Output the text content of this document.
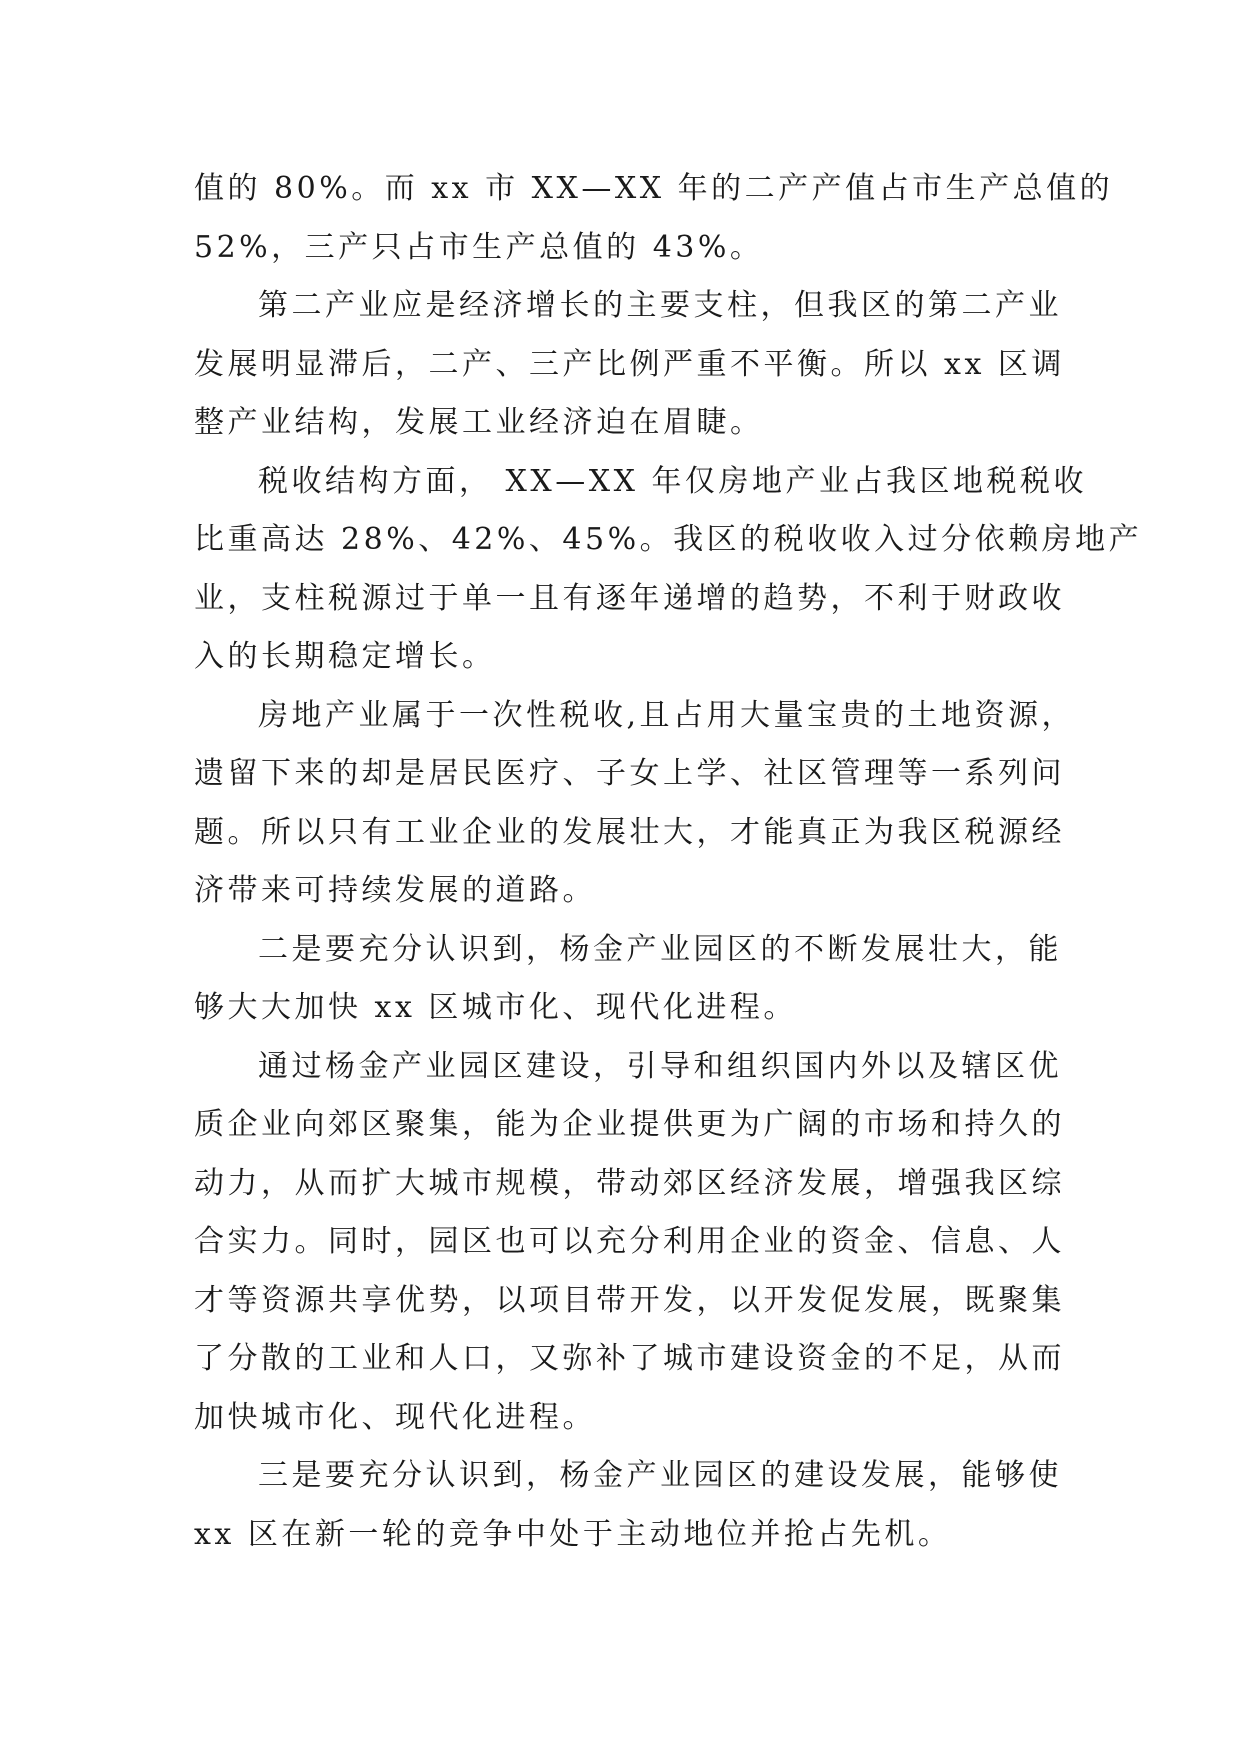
值的 80%。而 xx 市 XX—XX 年的二产产值占市生产总值的
52%，三产只占市生产总值的 43%。
第二产业应是经济增长的主要支柱，但我区的第二产业
发展明显滞后，二产、三产比例严重不平衡。所以 xx 区调
整产业结构，发展工业经济迫在眉睫。
税收结构方面， XX—XX 年仅房地产业占我区地税税收
比重高达 28%、42%、45%。我区的税收收入过分依赖房地产
业，支柱税源过于单一且有逐年递增的趋势，不利于财政收
入的长期稳定增长。
房地产业属于一次性税收,且占用大量宝贵的土地资源，
遗留下来的却是居民医疗、子女上学、社区管理等一系列问
题。所以只有工业企业的发展壮大，才能真正为我区税源经
济带来可持续发展的道路。
二是要充分认识到，杨金产业园区的不断发展壮大，能
够大大加快 xx 区城市化、现代化进程。
通过杨金产业园区建设，引导和组织国内外以及辖区优
质企业向郊区聚集，能为企业提供更为广阔的市场和持久的
动力，从而扩大城市规模，带动郊区经济发展，增强我区综
合实力。同时，园区也可以充分利用企业的资金、信息、人
才等资源共享优势，以项目带开发，以开发促发展，既聚集
了分散的工业和人口，又弥补了城市建设资金的不足，从而
加快城市化、现代化进程。
三是要充分认识到，杨金产业园区的建设发展，能够使
xx 区在新一轮的竞争中处于主动地位并抢占先机。
